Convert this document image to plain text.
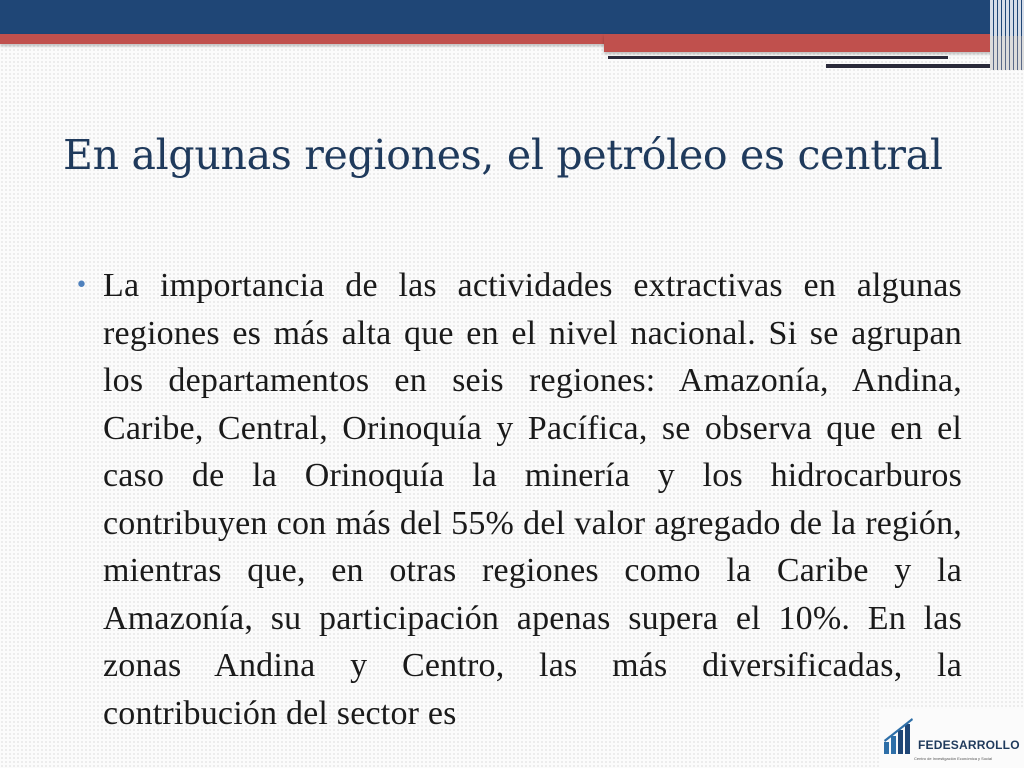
En algunas regiones, el petróleo es central
• La importancia de las actividades extractivas en algunas regiones es más alta que en el nivel nacional. Si se agrupan los departamentos en seis regiones: Amazonía, Andina, Caribe, Central, Orinoquía y Pacífica, se observa que en el caso de la Orinoquía la minería y los hidrocarburos contribuyen con más del 55% del valor agregado de la región, mientras que, en otras regiones como la Caribe y la Amazonía, su participación apenas supera el 10%. En las zonas Andina y Centro, las más diversificadas, la contribución del sector es

FEDESARROLLO
Centro de Investigación Económica y Social
